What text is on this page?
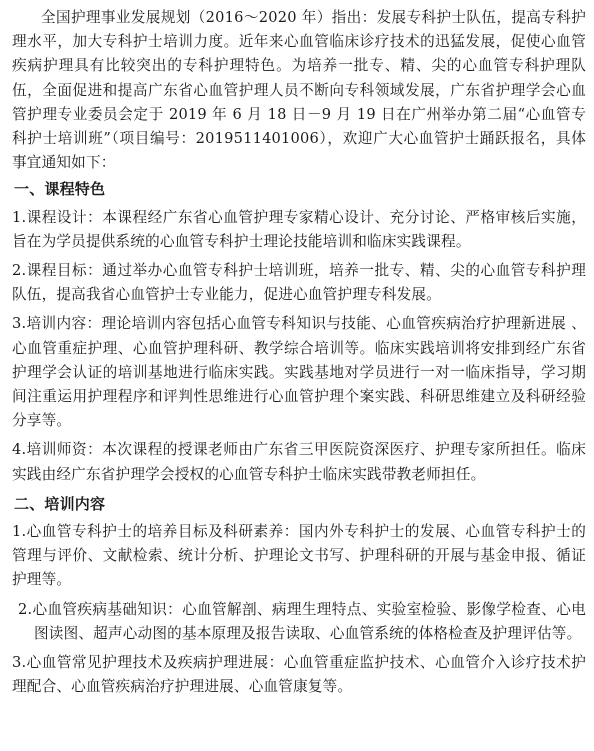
全国护理事业发展规划（2016～2020 年）指出：发展专科护士队伍，提高专科护理水平，加大专科护士培训力度。近年来心血管临床诊疗技术的迅猛发展，促使心血管疾病护理具有比较突出的专科护理特色。为培养一批专、精、尖的心血管专科护理队伍，全面促进和提高广东省心血管护理人员不断向专科领域发展，广东省护理学会心血管护理专业委员会定于 2019 年 6 月 18 日－9 月 19 日在广州举办第二届“心血管专科护士培训班”（项目编号：2019511401006），欢迎广大心血管护士踊跃报名，具体事宜通知如下：

一、课程特色

1.课程设计：本课程经广东省心血管护理专家精心设计、充分讨论、严格审核后实施，旨在为学员提供系统的心血管专科护士理论技能培训和临床实践课程。

2.课程目标：通过举办心血管专科护士培训班，培养一批专、精、尖的心血管专科护理队伍，提高我省心血管护士专业能力，促进心血管护理专科发展。

3.培训内容：理论培训内容包括心血管专科知识与技能、心血管疾病治疗护理新进展 、心血管重症护理、心血管护理科研、教学综合培训等。临床实践培训将安排到经广东省护理学会认证的培训基地进行临床实践。实践基地对学员进行一对一临床指导，学习期间注重运用护理程序和评判性思维进行心血管护理个案实践、科研思维建立及科研经验分享等。

4.培训师资：本次课程的授课老师由广东省三甲医院资深医疗、护理专家所担任。临床实践由经广东省护理学会授权的心血管专科护士临床实践带教老师担任。

二、培训内容

1.心血管专科护士的培养目标及科研素养：国内外专科护士的发展、心血管专科护士的管理与评价、文献检索、统计分析、护理论文书写、护理科研的开展与基金申报、循证护理等。

2.心血管疾病基础知识：心血管解剖、病理生理特点、实验室检验、影像学检查、心电图读图、超声心动图的基本原理及报告读取、心血管系统的体格检查及护理评估等。

3.心血管常见护理技术及疾病护理进展：心血管重症监护技术、心血管介入诊疗技术护理配合、心血管疾病治疗护理进展、心血管康复等。
